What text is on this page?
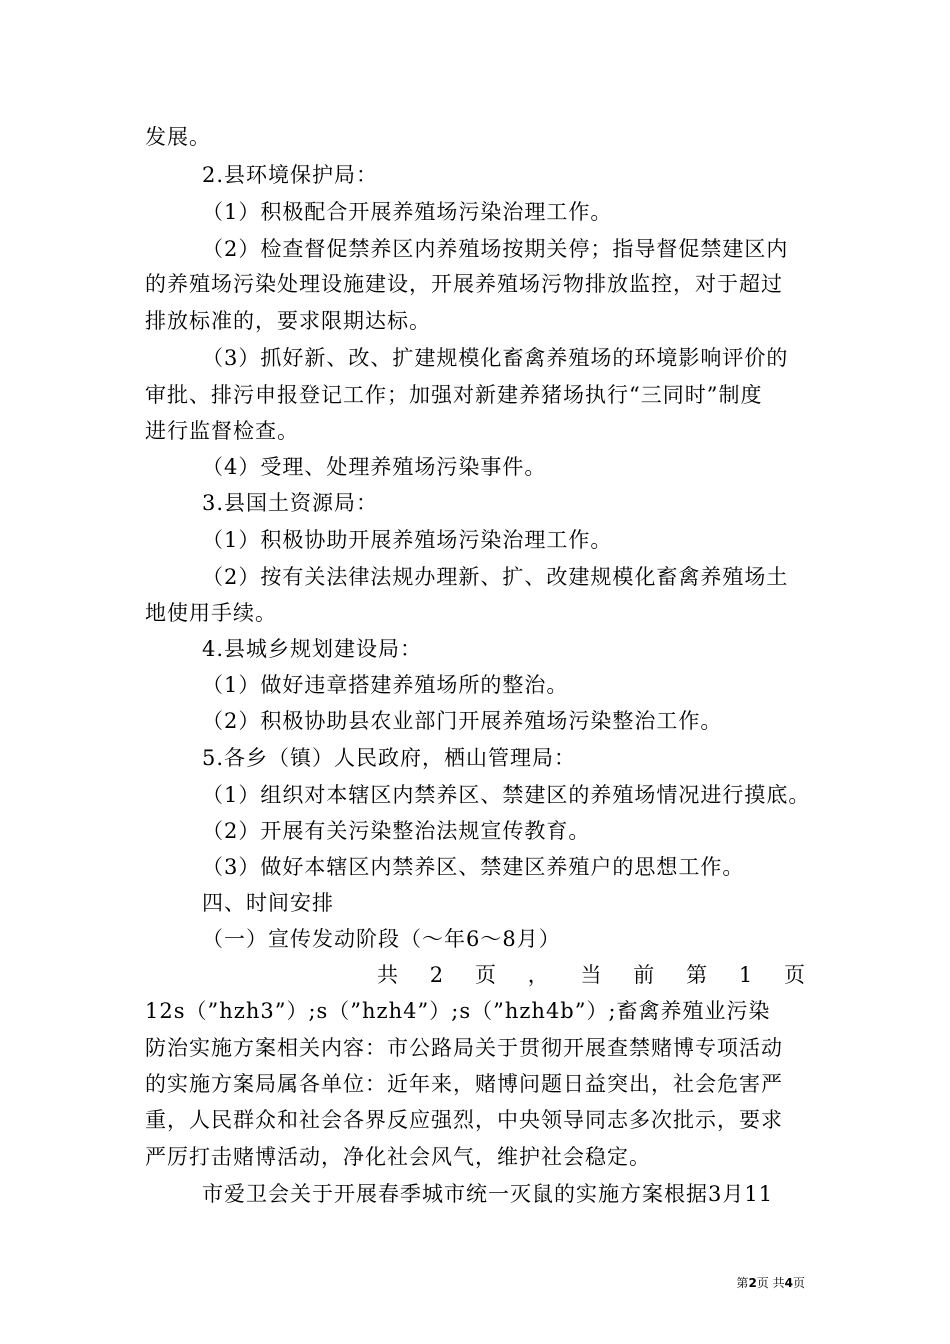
发展。
2.县环境保护局：
（1）积极配合开展养殖场污染治理工作。
（2）检查督促禁养区内养殖场按期关停；指导督促禁建区内
的养殖场污染处理设施建设，开展养殖场污物排放监控，对于超过
排放标准的，要求限期达标。
（3）抓好新、改、扩建规模化畜禽养殖场的环境影响评价的
审批、排污申报登记工作；加强对新建养猪场执行“三同时”制度
进行监督检查。
（4）受理、处理养殖场污染事件。
3.县国土资源局：
（1）积极协助开展养殖场污染治理工作。
（2）按有关法律法规办理新、扩、改建规模化畜禽养殖场土
地使用手续。
4.县城乡规划建设局：
（1）做好违章搭建养殖场所的整治。
（2）积极协助县农业部门开展养殖场污染整治工作。
5.各乡（镇）人民政府，栖山管理局：
（1）组织对本辖区内禁养区、禁建区的养殖场情况进行摸底。
（2）开展有关污染整治法规宣传教育。
（3）做好本辖区内禁养区、禁建区养殖户的思想工作。
四、时间安排
（一）宣传发动阶段（～年6～8月）
共 2 页 ， 当 前 第 1 页
12s（”hzh3”）;s（”hzh4”）;s（”hzh4b”）;畜禽养殖业污染
防治实施方案相关内容：市公路局关于贯彻开展查禁赌博专项活动
的实施方案局属各单位：近年来，赌博问题日益突出，社会危害严
重，人民群众和社会各界反应强烈，中央领导同志多次批示，要求
严厉打击赌博活动，净化社会风气，维护社会稳定。
市爱卫会关于开展春季城市统一灭鼠的实施方案根据3月11
第2页 共4页
